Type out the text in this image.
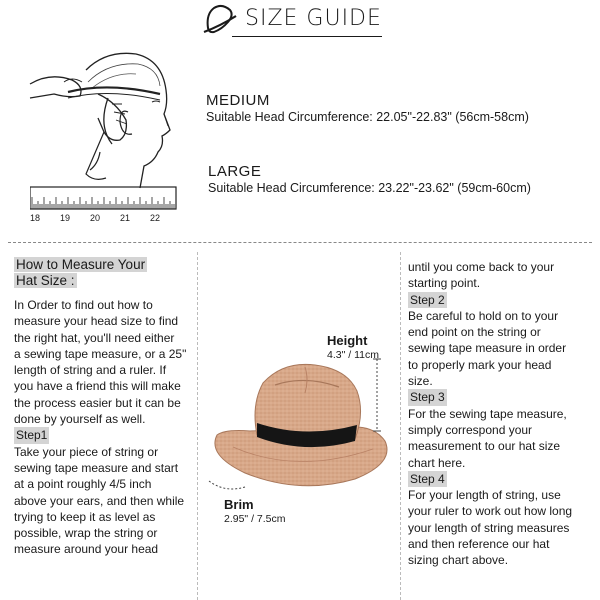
SIZE GUIDE
18 19 20 21 22
MEDIUM
Suitable Head Circumference: 22.05"-22.83" (56cm-58cm)
LARGE
Suitable Head Circumference: 23.22"-23.62" (59cm-60cm)
How to Measure Your
Hat Size :
In Order to find out how to
measure your head size to find
the right hat, you'll need either
a sewing tape measure, or a 25"
length of string and a ruler. If
you have a friend this will make
the process easier but it can be
done by yourself as well.
Step1
Take your piece of string or
sewing tape measure and start
at a point roughly 4/5 inch
above your ears, and then while
trying to keep it as level as
possible, wrap the string or
measure around your head
Height
4.3" / 11cm
Brim
2.95" / 7.5cm
until you come back to your
starting point.
Step 2
Be careful to hold on to your
end point on the string or
sewing tape measure in order
to properly mark your head
size.
Step 3
For the sewing tape measure,
simply correspond your
measurement to our hat size
chart here.
Step 4
For your length of string, use
your ruler to work out how long
your length of string measures
and then reference our hat
sizing chart above.
